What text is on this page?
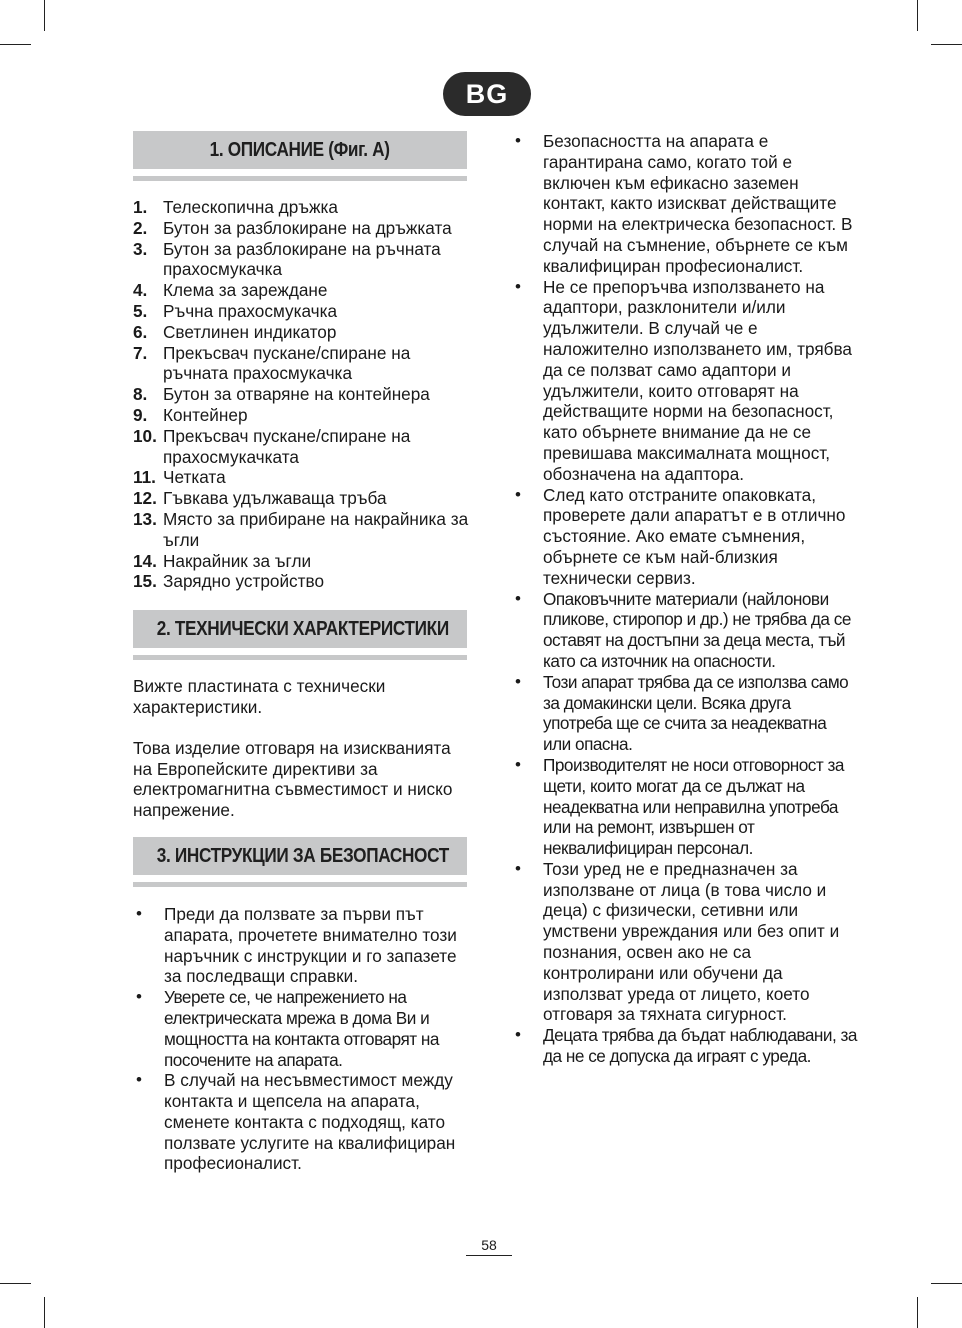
BG
1. ОПИСАНИЕ (Фиг. А)
1. Телескопична дръжка
2. Бутон за разблокиране на дръжката
3. Бутон за разблокиране на ръчната прахосмукачка
4. Клема за зареждане
5. Ръчна прахосмукачка
6. Светлинен индикатор
7. Прекъсвач пускане/спиране на ръчната прахосмукачка
8. Бутон за отваряне на контейнера
9. Контейнер
10. Прекъсвач пускане/спиране на прахосмукачката
11. Четката
12. Гъвкава удължаваща тръба
13. Място за прибиране на накрайника за ъгли
14. Накрайник за ъгли
15. Зарядно устройство
2. ТЕХНИЧЕСКИ ХАРАКТЕРИСТИКИ

Вижте пластината с технически характеристики.

Това изделие отговаря на изискванията на Европейските директиви за електромагнитна съвместимост и ниско напрежение.

3. ИНСТРУКЦИИ ЗА БЕЗОПАСНОСТ
• Преди да ползвате за първи път апарата, прочетете внимателно този наръчник с инструкции и го запазете за последващи справки.
• Уверете се, че напрежението на електрическата мрежа в дома Ви и мощността на контакта отговарят на посочените на апарата.
• В случай на несъвместимост между контакта и щепсела на апарата, сменете контакта с подходящ, като ползвате услугите на квалифициран професионалист.
• Безопасността на апарата е гарантирана само, когато той е включен към ефикасно заземен контакт, както изискват действащите норми на електрическа безопасност. В случай на съмнение, обърнете се към квалифициран професионалист.
• Не се препоръчва използването на адаптори, разклонители и/или удължители. В случай че е наложително използването им, трябва да се ползват само адаптори и удължители, които отговарят на действащите норми на безопасност, като обърнете внимание да не се превишава максималната мощност, обозначена на адаптора.
• След като отстраните опаковката, проверете дали апаратът е в отлично състояние. Ако емате съмнения, обърнете се към най-близкия технически сервиз.
• Опаковъчните материали (найлонови пликове, стиропор и др.) не трябва да се оставят на достъпни за деца места, тъй като са източник на опасности.
• Този апарат трябва да се използва само за домакински цели. Всяка друга употреба ще се счита за неадекватна или опасна.
• Производителят не носи отговорност за щети, които могат да се дължат на неадекватна или неправилна употреба или на ремонт, извършен от неквалифициран персонал.
• Този уред не е предназначен за използване от лица (в това число и деца) с физически, сетивни или умствени увреждания или без опит и познания, освен ако не са контролирани или обучени да използват уреда от лицето, което отговаря за тяхната сигурност.
• Децата трябва да бъдат наблюдавани, за да не се допуска да играят с уреда.
58
